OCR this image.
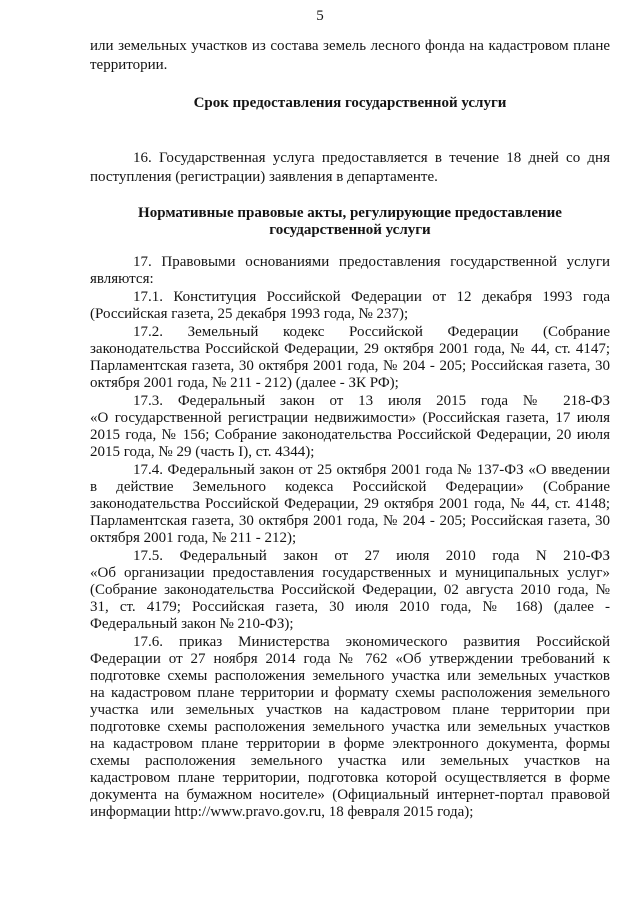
5
или земельных участков из состава земель лесного фонда на кадастровом плане
территории.
Срок предоставления государственной услуги
16. Государственная услуга предоставляется в течение 18 дней со дня
поступления (регистрации) заявления в департаменте.
Нормативные правовые акты, регулирующие предоставление
государственной услуги
17. Правовыми основаниями предоставления государственной услуги
являются:
17.1. Конституция Российской Федерации от 12 декабря 1993 года
(Российская газета, 25 декабря 1993 года, № 237);
17.2. Земельный кодекс Российской Федерации (Собрание
законодательства Российской Федерации, 29 октября 2001 года, № 44, ст. 4147;
Парламентская газета, 30 октября 2001 года, № 204 - 205; Российская газета, 30
октября 2001 года, № 211 - 212) (далее - ЗК РФ);
17.3. Федеральный закон от 13 июля 2015 года № 218-ФЗ
«О государственной регистрации недвижимости» (Российская газета, 17 июля
2015 года, № 156; Собрание законодательства Российской Федерации, 20 июля
2015 года, № 29 (часть I), ст. 4344);
17.4. Федеральный закон от 25 октября 2001 года № 137-ФЗ «О введении
в действие Земельного кодекса Российской Федерации» (Собрание
законодательства Российской Федерации, 29 октября 2001 года, № 44, ст. 4148;
Парламентская газета, 30 октября 2001 года, № 204 - 205; Российская газета, 30
октября 2001 года, № 211 - 212);
17.5. Федеральный закон от 27 июля 2010 года N 210-ФЗ
«Об организации предоставления государственных и муниципальных услуг»
(Собрание законодательства Российской Федерации, 02 августа 2010 года, №
31, ст. 4179; Российская газета, 30 июля 2010 года, № 168) (далее -
Федеральный закон № 210-ФЗ);
17.6. приказ Министерства экономического развития Российской
Федерации от 27 ноября 2014 года № 762 «Об утверждении требований к
подготовке схемы расположения земельного участка или земельных участков
на кадастровом плане территории и формату схемы расположения земельного
участка или земельных участков на кадастровом плане территории при
подготовке схемы расположения земельного участка или земельных участков
на кадастровом плане территории в форме электронного документа, формы
схемы расположения земельного участка или земельных участков на
кадастровом плане территории, подготовка которой осуществляется в форме
документа на бумажном носителе» (Официальный интернет-портал правовой
информации http://www.pravo.gov.ru, 18 февраля 2015 года);
